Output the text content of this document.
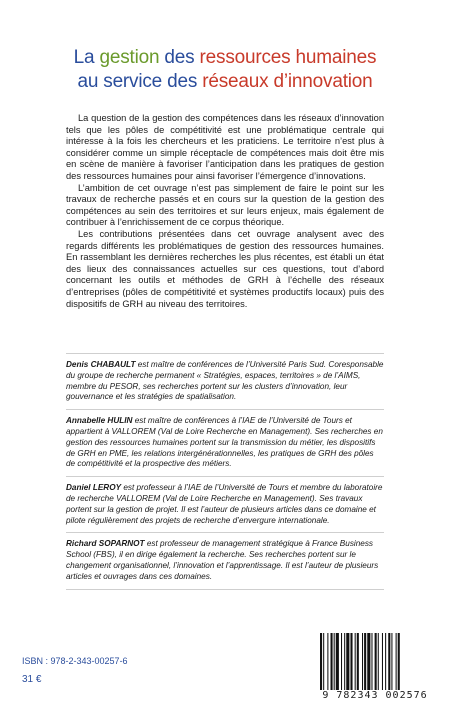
La gestion des ressources humaines
au service des réseaux d’innovation

La question de la gestion des compétences dans les réseaux d’innovation tels que les pôles de compétitivité est une problématique centrale qui intéresse à la fois les chercheurs et les praticiens. Le territoire n’est plus à considérer comme un simple réceptacle de compétences mais doit être mis en scène de manière à favoriser l’anticipation dans les pratiques de gestion des ressources humaines pour ainsi favoriser l’émergence d’innovations.

L’ambition de cet ouvrage n’est pas simplement de faire le point sur les travaux de recherche passés et en cours sur la question de la gestion des compétences au sein des territoires et sur leurs enjeux, mais également de contribuer à l’enrichissement de ce corpus théorique.

Les contributions présentées dans cet ouvrage analysent avec des regards différents les problématiques de gestion des ressources humaines. En rassemblant les dernières recherches les plus récentes, est établi un état des lieux des connaissances actuelles sur ces questions, tout d’abord concernant les outils et méthodes de GRH à l’échelle des réseaux d’entreprises (pôles de compétitivité et systèmes productifs locaux) puis des dispositifs de GRH au niveau des territoires.

Denis CHABAULT est maître de conférences de l’Université Paris Sud. Coresponsable du groupe de recherche permanent « Stratégies, espaces, territoires » de l’AIMS, membre du PESOR, ses recherches portent sur les clusters d’innovation, leur gouvernance et les stratégies de spatialisation.

Annabelle HULIN est maître de conférences à l’IAE de l’Université de Tours et appartient à VALLOREM (Val de Loire Recherche en Management). Ses recherches en gestion des ressources humaines portent sur la transmission du métier, les dispositifs de GRH en PME, les relations intergénérationnelles, les pratiques de GRH des pôles de compétitivité et la prospective des métiers.

Daniel LEROY est professeur à l’IAE de l’Université de Tours et membre du laboratoire de recherche VALLOREM (Val de Loire Recherche en Management). Ses travaux portent sur la gestion de projet. Il est l’auteur de plusieurs articles dans ce domaine et pilote régulièrement des projets de recherche d’envergure internationale.

Richard SOPARNOT est professeur de management stratégique à France Business School (FBS), il en dirige également la recherche. Ses recherches portent sur le changement organisationnel, l’innovation et l’apprentissage. Il est l’auteur de plusieurs articles et ouvrages dans ces domaines.

ISBN : 978-2-343-00257-6
31 €
9 782343 002576
